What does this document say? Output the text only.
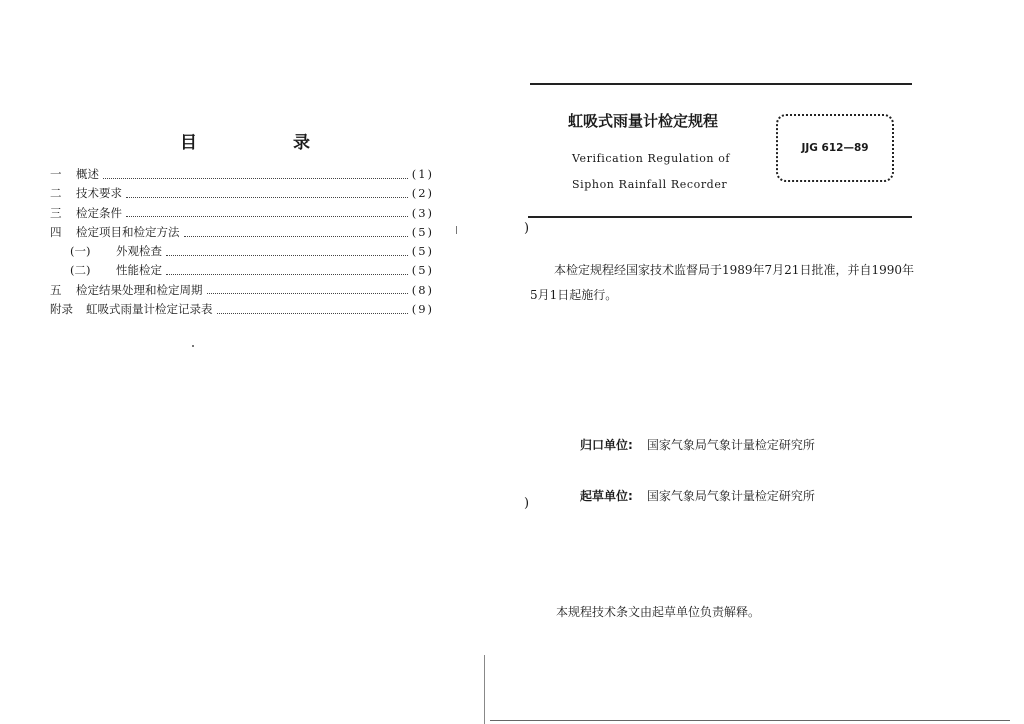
目	录
一	概述	(1)
二	技术要求	(2)
三	检定条件	(3)
四	检定项目和检定方法	(5)
(一)	外观检查	(5)
(二)	性能检定	(5)
五	检定结果处理和检定周期	(8)
附录	虹吸式雨量计检定记录表	(9)
虹吸式雨量计检定规程
Verification Regulation of
Siphon Rainfall Recorder
JJG 612—89
)
本检定规程经国家技术监督局于1989年7月21日批准，并自1990年5月1日起施行。
归口单位: 国家气象局气象计量检定研究所
起草单位: 国家气象局气象计量检定研究所
)
本规程技术条文由起草单位负责解释。
